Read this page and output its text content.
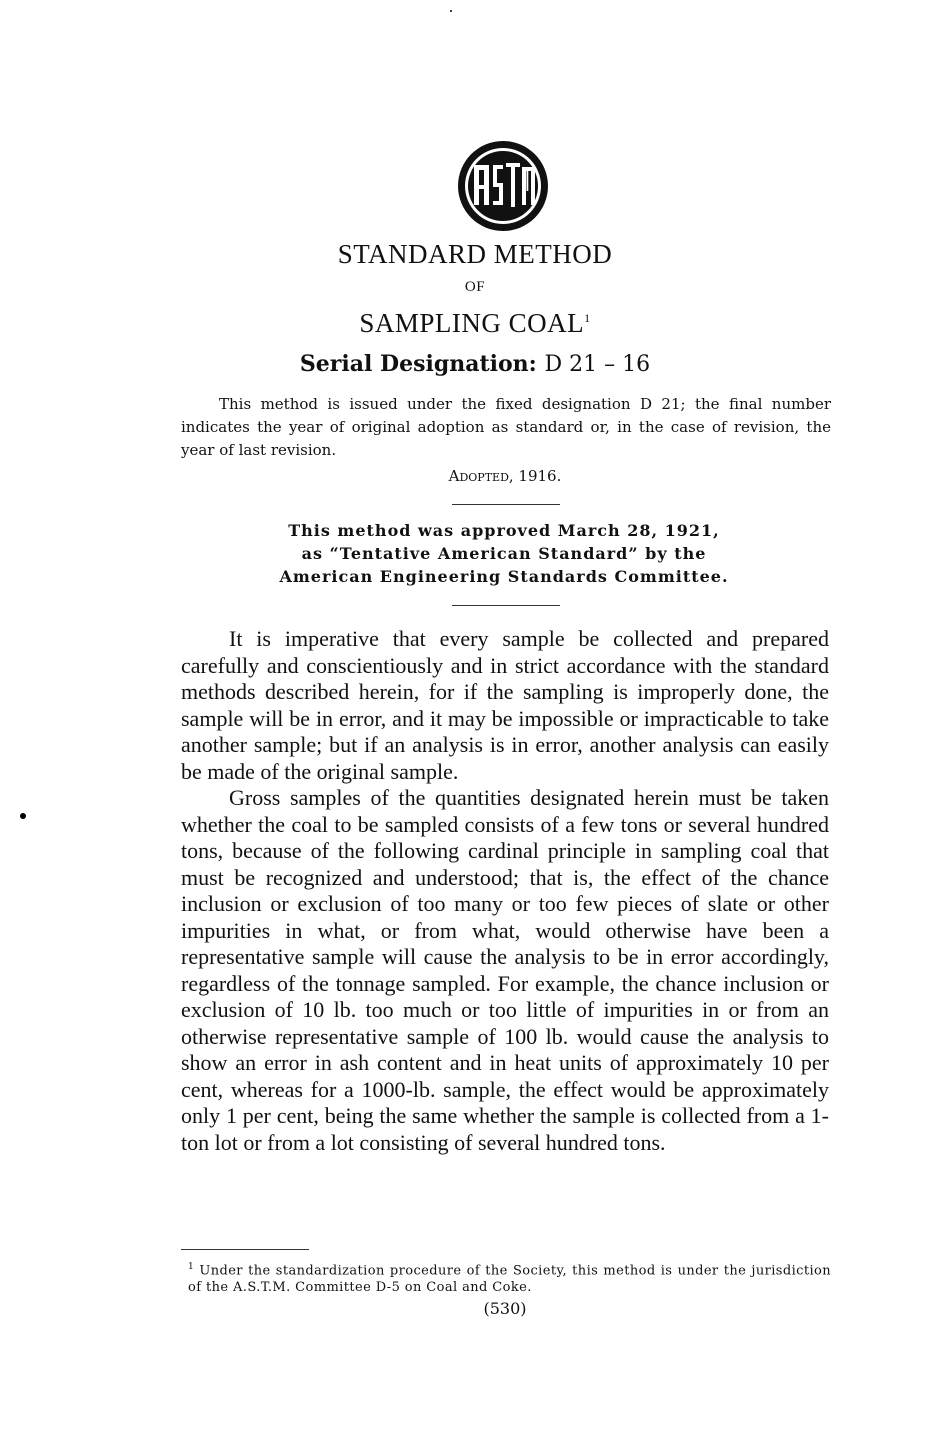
STANDARD METHOD
OF
SAMPLING COAL$^1$
Serial Designation: D 21 – 16

This method is issued under the fixed designation D 21; the final number indicates the year of original adoption as standard or, in the case of revision, the year of last revision.

Adopted, 1916.
This method was approved March 28, 1921,
as “Tentative American Standard” by the
American Engineering Standards Committee.

It is imperative that every sample be collected and prepared carefully and conscientiously and in strict accordance with the standard methods described herein, for if the sampling is improperly done, the sample will be in error, and it may be impossible or impracticable to take another sample; but if an analysis is in error, another analysis can easily be made of the original sample.

Gross samples of the quantities designated herein must be taken whether the coal to be sampled consists of a few tons or several hundred tons, because of the following cardinal principle in sampling coal that must be recognized and understood; that is, the effect of the chance inclusion or exclusion of too many or too few pieces of slate or other impurities in what, or from what, would otherwise have been a representative sample will cause the analysis to be in error accordingly, regardless of the tonnage sampled. For example, the chance inclusion or exclusion of 10 lb. too much or too little of impurities in or from an otherwise representative sample of 100 lb. would cause the analysis to show an error in ash content and in heat units of approximately 10 per cent, whereas for a 1000-lb. sample, the effect would be approximately only 1 per cent, being the same whether the sample is collected from a 1-ton lot or from a lot consisting of several hundred tons.

$^1$ Under the standardization procedure of the Society, this method is under the jurisdiction of the A.S.T.M. Committee D-5 on Coal and Coke.
(530)
